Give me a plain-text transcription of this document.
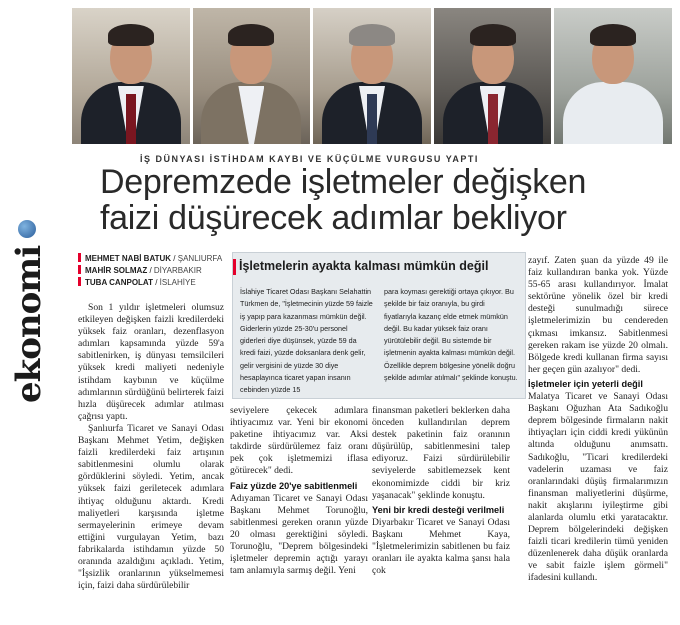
ekonomi
İŞ DÜNYASI İSTİHDAM KAYBI VE KÜÇÜLME VURGUSU YAPTI
Depremzede işletmeler değişken
faizi düşürecek adımlar bekliyor
MEHMET NABİ BATUK / ŞANLIURFA
MAHİR SOLMAZ / DİYARBAKIR
TUBA CANPOLAT / İSLAHİYE
İşletmelerin ayakta kalması mümkün değil
İslahiye Ticaret Odası Başkanı Selahattin Türkmen de, "İşletmecinin yüzde 59 faizle iş yapıp para kazanması mümkün değil. Giderlerin yüzde 25-30'u personel giderleri diye düşünsek, yüzde 59 da kredi faizi, yüzde doksanlara denk gelir, gelir vergisini de yüzde 30 diye hesaplayınca ticaret yapan insanın cebinden yüzde 15
para koyması gerektiği ortaya çıkıyor. Bu şekilde bir faiz oranıyla, bu girdi fiyatlarıyla kazanç elde etmek mümkün değil. Bu kadar yüksek faiz oranı yürütülebilir değil. Bu sistemde bir işletmenin ayakta kalması mümkün değil. Özellikle deprem bölgesine yönelik doğru şekilde adımlar atılmalı" şeklinde konuştu.

Son 1 yıldır işletmeleri olumsuz etkileyen değişken faizli kredilerdeki yüksek faiz oranları, dezenflasyon adımları kapsamında yüzde 59'a sabitlenirken, iş dünyası temsilcileri yüksek kredi maliyeti nedeniyle istihdam kaybının ve küçülme adımlarının sürdüğünü belirterek faizi hızla düşürecek adımlar atılması çağrısı yaptı.

Şanlıurfa Ticaret ve Sanayi Odası Başkanı Mehmet Yetim, değişken faizli kredilerdeki faiz artışının sabitlenmesini olumlu olarak gördüklerini söyledi. Yetim, ancak yüksek faizi geriletecek adımlara ihtiyaç olduğunu aktardı. Kredi maliyetleri karşısında işletme sermayelerinin erimeye devam ettiğini vurgulayan Yetim, bazı fabrikalarda istihdamın yüzde 50 oranında azaldığını açıkladı. Yetim, "İşsizlik oranlarının yükselmemesi için, faizi daha sürdürülebilir

seviyelere çekecek adımlara ihtiyacımız var. Yeni bir ekonomi paketine ihtiyacımız var. Aksi takdirde sürdürülemez faiz oranı pek çok işletmemizi iflasa götürecek" dedi.

Faiz yüzde 20'ye sabitlenmeli

Adıyaman Ticaret ve Sanayi Odası Başkanı Mehmet Torunoğlu, sabitlenmesi gereken oranın yüzde 20 olması gerektiğini söyledi. Torunoğlu, "Deprem bölgesindeki işletmeler depremin açtığı yarayı tam anlamıyla sarmış değil. Yeni

finansman paketleri beklerken daha önceden kullandırılan deprem destek paketinin faiz oranının düşürülüp, sabitlenmesini talep ediyoruz. Faizi sürdürülebilir seviyelerde sabitlemezsek kent ekonomimizde ciddi bir kriz yaşanacak" şeklinde konuştu.

Yeni bir kredi desteği verilmeli

Diyarbakır Ticaret ve Sanayi Odası Başkanı Mehmet Kaya, "İşletmelerimizin sabitlenen bu faiz oranları ile ayakta kalma şansı hala çok

zayıf. Zaten şuan da yüzde 49 ile faiz kullandıran banka yok. Yüzde 55-65 arası kullandırıyor. İmalat sektörüne yönelik özel bir kredi desteği sunulmadığı sürece işletmelerimizin bu cendereden çıkması imkansız. Sabitlenmesi gereken rakam ise yüzde 20 olmalı. Bölgede kredi kullanan firma sayısı her geçen gün azalıyor" dedi.

İşletmeler için yeterli değil

Malatya Ticaret ve Sanayi Odası Başkanı Oğuzhan Ata Sadıkoğlu deprem bölgesinde firmaların nakit ihtiyaçları için ciddi kredi yükünün altında olduğunu anımsattı. Sadıkoğlu, "Ticari kredilerdeki vadelerin uzaması ve faiz oranlarındaki düşüş firmalarımızın finansman maliyetlerini düşürme, nakit akışlarını iyileştirme gibi alanlarda olumlu etki yaratacaktır. Deprem bölgelerindeki değişken faizli ticari kredilerin tümü yeniden düzenlenerek daha düşük oranlarda ve sabit faizle işlem görmeli" ifadesini kullandı.
